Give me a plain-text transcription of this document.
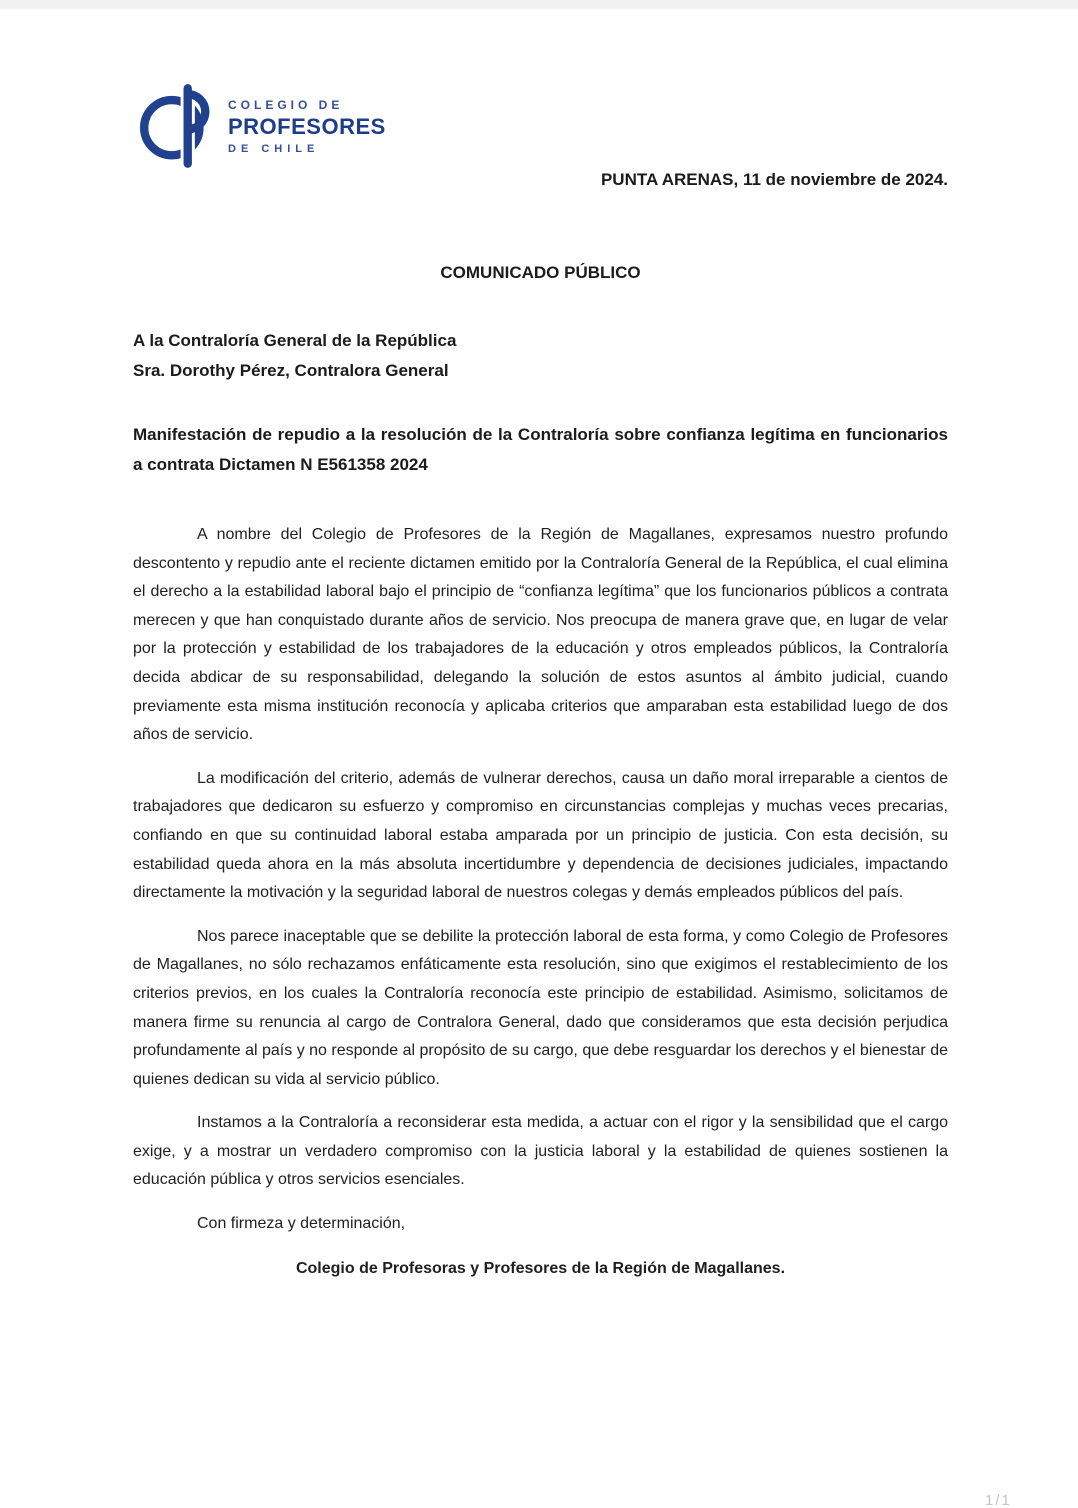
COLEGIO DE
PROFESORES
DE CHILE
PUNTA ARENAS, 11 de noviembre de 2024.
COMUNICADO PÚBLICO
A la Contraloría General de la República
Sra. Dorothy Pérez, Contralora General
Manifestación de repudio a la resolución de la Contraloría sobre confianza legítima en funcionarios a contrata Dictamen N E561358 2024

A nombre del Colegio de Profesores de la Región de Magallanes, expresamos nuestro profundo descontento y repudio ante el reciente dictamen emitido por la Contraloría General de la República, el cual elimina el derecho a la estabilidad laboral bajo el principio de “confianza legítima” que los funcionarios públicos a contrata merecen y que han conquistado durante años de servicio. Nos preocupa de manera grave que, en lugar de velar por la protección y estabilidad de los trabajadores de la educación y otros empleados públicos, la Contraloría decida abdicar de su responsabilidad, delegando la solución de estos asuntos al ámbito judicial, cuando previamente esta misma institución reconocía y aplicaba criterios que amparaban esta estabilidad luego de dos años de servicio.

La modificación del criterio, además de vulnerar derechos, causa un daño moral irreparable a cientos de trabajadores que dedicaron su esfuerzo y compromiso en circunstancias complejas y muchas veces precarias, confiando en que su continuidad laboral estaba amparada por un principio de justicia. Con esta decisión, su estabilidad queda ahora en la más absoluta incertidumbre y dependencia de decisiones judiciales, impactando directamente la motivación y la seguridad laboral de nuestros colegas y demás empleados públicos del país.

Nos parece inaceptable que se debilite la protección laboral de esta forma, y como Colegio de Profesores de Magallanes, no sólo rechazamos enfáticamente esta resolución, sino que exigimos el restablecimiento de los criterios previos, en los cuales la Contraloría reconocía este principio de estabilidad. Asimismo, solicitamos de manera firme su renuncia al cargo de Contralora General, dado que consideramos que esta decisión perjudica profundamente al país y no responde al propósito de su cargo, que debe resguardar los derechos y el bienestar de quienes dedican su vida al servicio público.

Instamos a la Contraloría a reconsiderar esta medida, a actuar con el rigor y la sensibilidad que el cargo exige, y a mostrar un verdadero compromiso con la justicia laboral y la estabilidad de quienes sostienen la educación pública y otros servicios esenciales.

Con firmeza y determinación,

Colegio de Profesoras y Profesores de la Región de Magallanes.

1/1
